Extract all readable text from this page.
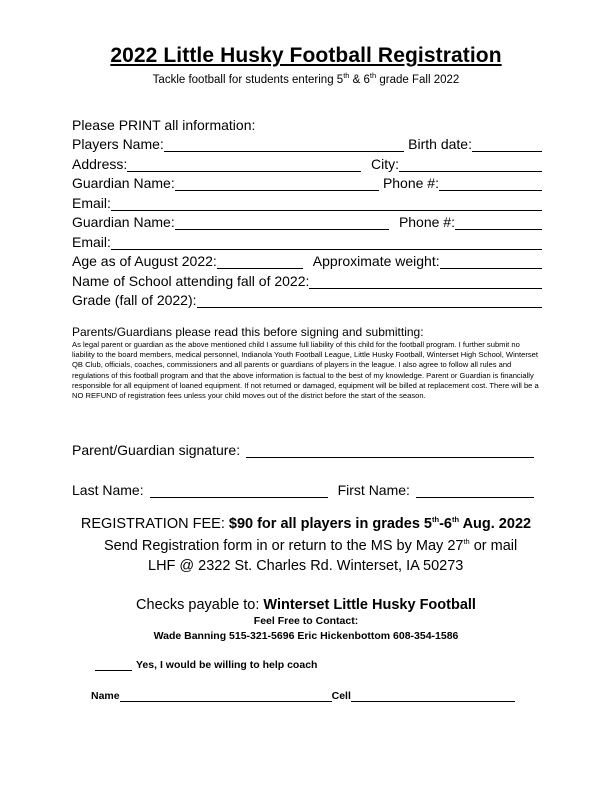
2022 Little Husky Football Registration
Tackle football for students entering 5th & 6th grade Fall 2022
Please PRINT all information:
Players Name:	Birth date:
Address:	City:
Guardian Name:	Phone #:
Email:
Guardian Name:	Phone #:
Email:
Age as of August 2022:	Approximate weight:
Name of School attending fall of 2022:
Grade (fall of 2022):
Parents/Guardians please read this before signing and submitting:
As legal parent or guardian as the above mentioned child I assume full liability of this child for the football program. I further submit no liability to the board members, medical personnel, Indianola Youth Football League, Little Husky Football, Winterset High School, Winterset QB Club, officials, coaches, commissioners and all parents or guardians of players in the league. I also agree to follow all rules and regulations of this football program and that the above information is factual to the best of my knowledge. Parent or Guardian is financially responsible for all equipment of loaned equipment. If not returned or damaged, equipment will be billed at replacement cost. There will be a NO REFUND of registration fees unless your child moves out of the district before the start of the season.
Parent/Guardian signature:
Last Name:	First Name:
REGISTRATION FEE: $90 for all players in grades 5th-6th Aug. 2022
Send Registration form in or return to the MS by May 27th or mail
LHF @ 2322 St. Charles Rd. Winterset, IA 50273
Checks payable to: Winterset Little Husky Football
Feel Free to Contact:
Wade Banning 515-321-5696 Eric Hickenbottom 608-354-1586
Yes, I would be willing to help coach
Name	Cell
